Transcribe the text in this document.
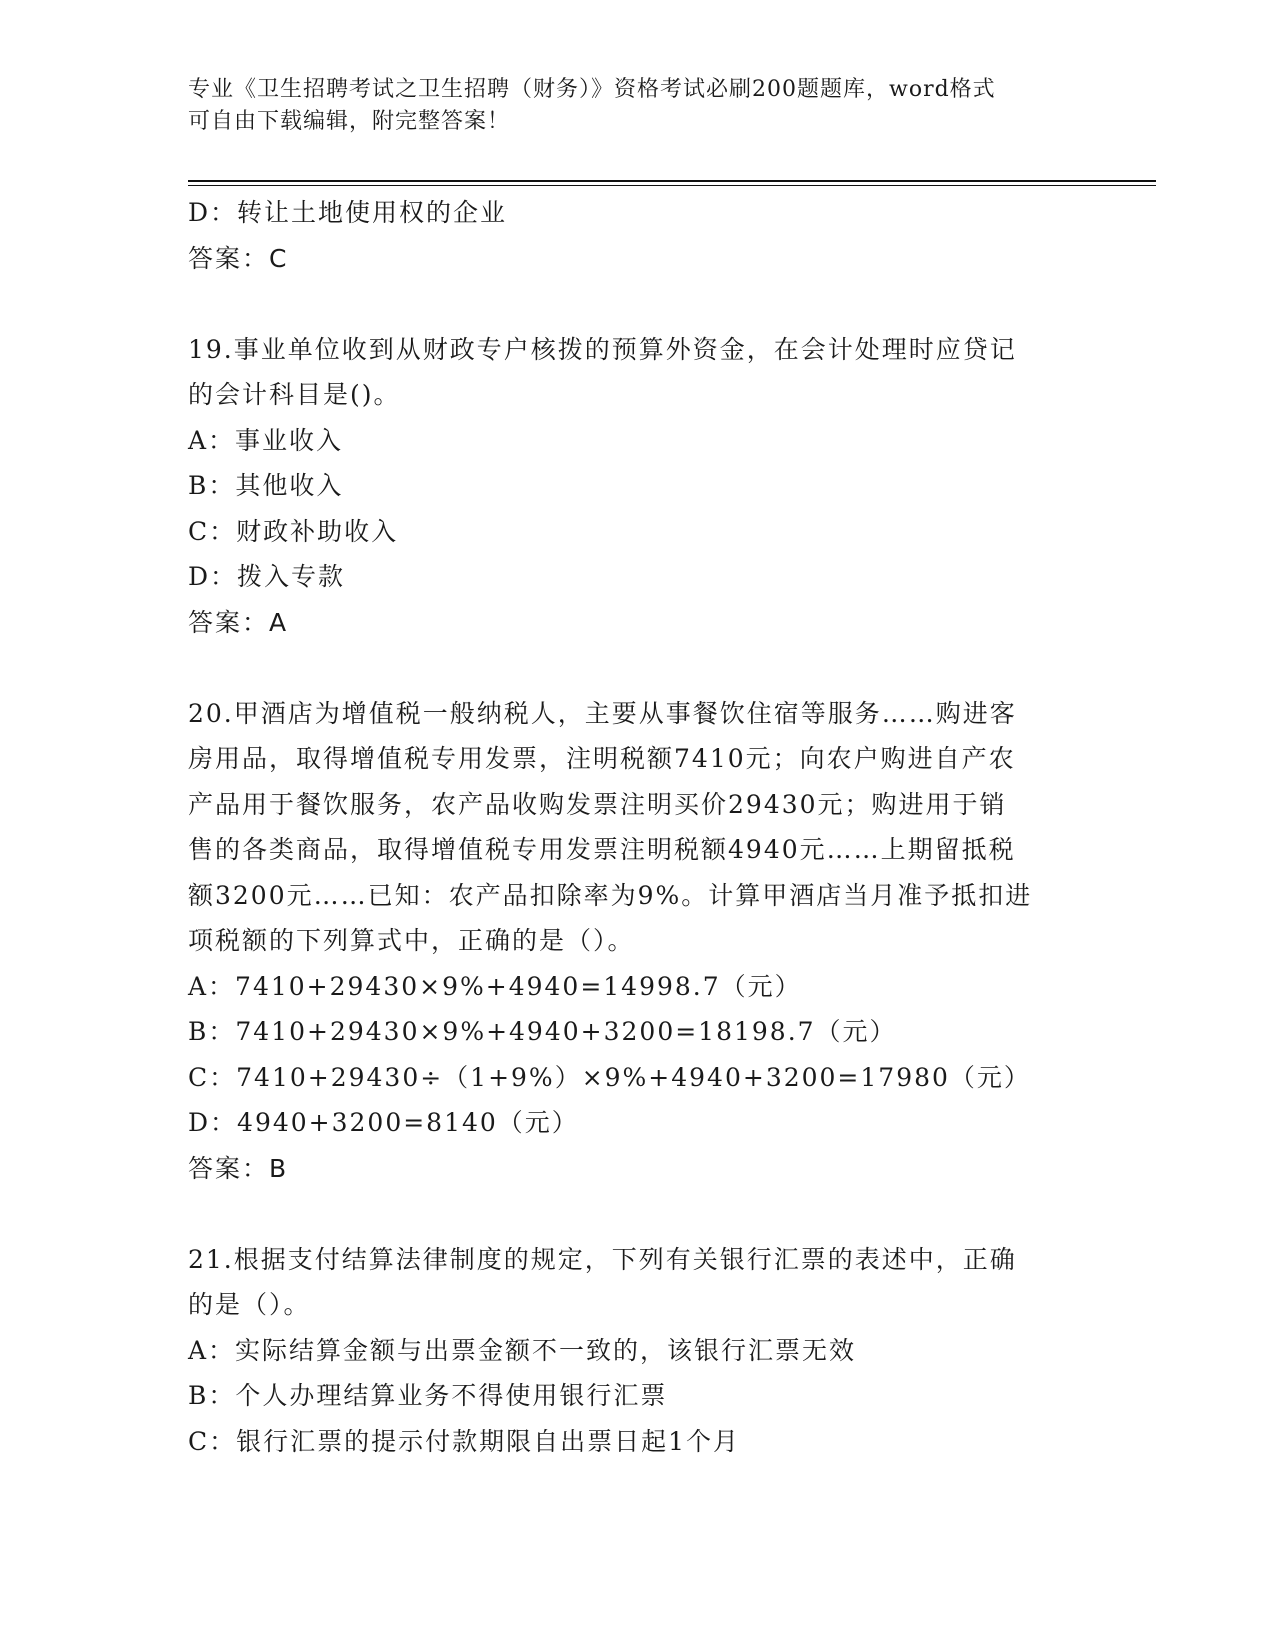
专业《卫生招聘考试之卫生招聘（财务）》资格考试必刷200题题库，word格式
可自由下载编辑，附完整答案！
D：转让土地使用权的企业
答案：C
19.事业单位收到从财政专户核拨的预算外资金，在会计处理时应贷记
的会计科目是()。
A：事业收入
B：其他收入
C：财政补助收入
D：拨入专款
答案：A
20.甲酒店为增值税一般纳税人，主要从事餐饮住宿等服务……购进客
房用品，取得增值税专用发票，注明税额7410元；向农户购进自产农
产品用于餐饮服务，农产品收购发票注明买价29430元；购进用于销
售的各类商品，取得增值税专用发票注明税额4940元……上期留抵税
额3200元……已知：农产品扣除率为9%。计算甲酒店当月准予抵扣进
项税额的下列算式中，正确的是（）。
A：7410+29430×9%+4940=14998.7（元）
B：7410+29430×9%+4940+3200=18198.7（元）
C：7410+29430÷（1+9%）×9%+4940+3200=17980（元）
D：4940+3200=8140（元）
答案：B
21.根据支付结算法律制度的规定，下列有关银行汇票的表述中，正确
的是（）。
A：实际结算金额与出票金额不一致的，该银行汇票无效
B：个人办理结算业务不得使用银行汇票
C：银行汇票的提示付款期限自出票日起1个月
